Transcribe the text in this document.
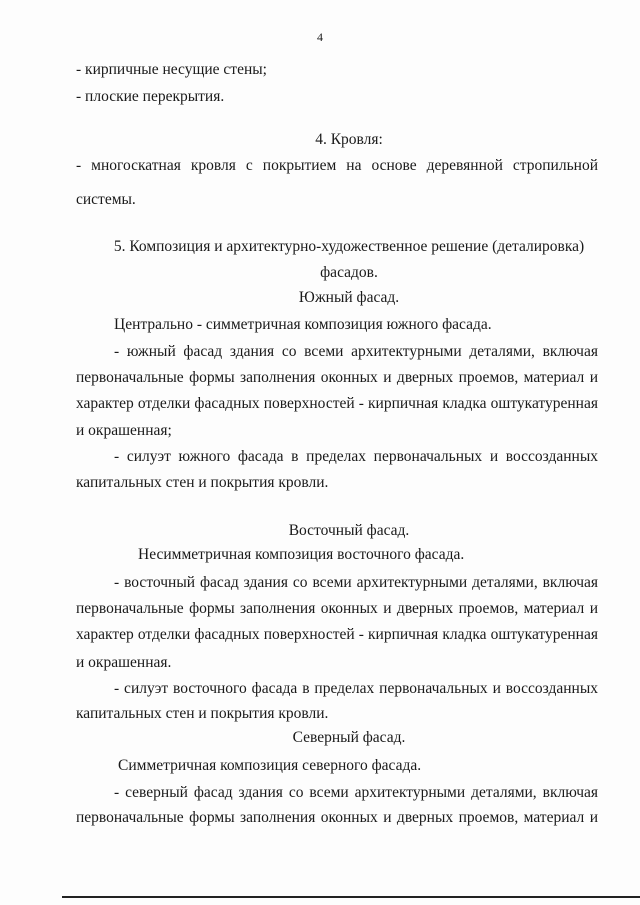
4
- кирпичные несущие стены;
- плоские перекрытия.
4. Кровля:
- многоскатная кровля с покрытием на основе деревянной стропильной
системы.
5. Композиция и архитектурно-художественное решение (деталировка)
фасадов.
Южный фасад.
Центрально - симметричная композиция южного фасада.
- южный фасад здания со всеми архитектурными деталями, включая
первоначальные формы заполнения оконных и дверных проемов, материал и
характер отделки фасадных поверхностей - кирпичная кладка оштукатуренная
и окрашенная;
- силуэт южного фасада в пределах первоначальных и воссозданных
капитальных стен и покрытия кровли.
Восточный фасад.
Несимметричная композиция восточного фасада.
- восточный фасад здания со всеми архитектурными деталями, включая
первоначальные формы заполнения оконных и дверных проемов, материал и
характер отделки фасадных поверхностей - кирпичная кладка оштукатуренная
и окрашенная.
- силуэт восточного фасада в пределах первоначальных и воссозданных
капитальных стен и покрытия кровли.
Северный фасад.
Симметричная композиция северного фасада.
- северный фасад здания со всеми архитектурными деталями, включая
первоначальные формы заполнения оконных и дверных проемов, материал и
